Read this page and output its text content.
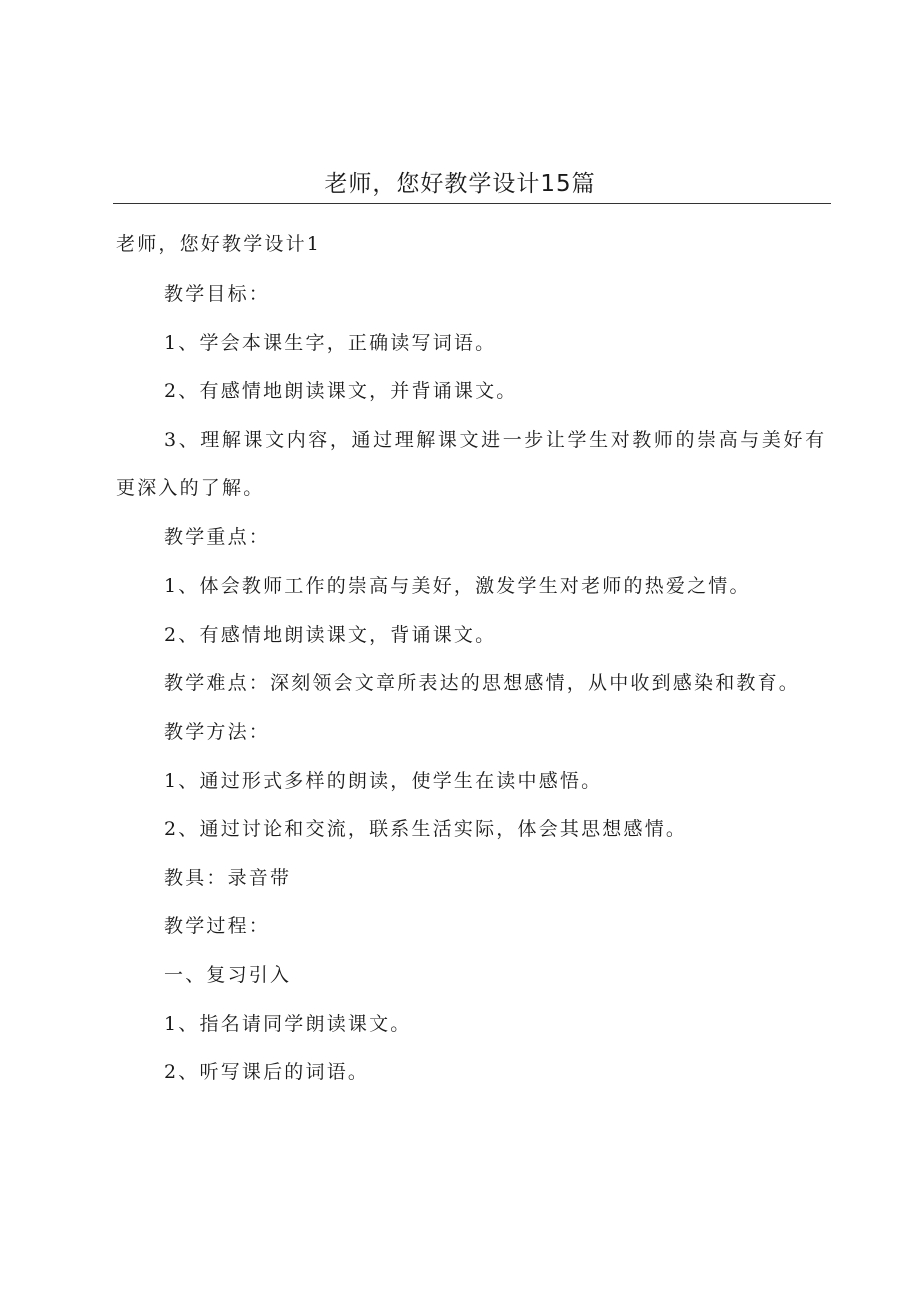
老师，您好教学设计15篇
老师，您好教学设计1
教学目标：
1、学会本课生字，正确读写词语。
2、有感情地朗读课文，并背诵课文。
3、理解课文内容，通过理解课文进一步让学生对教师的崇高与美好有
更深入的了解。
教学重点：
1、体会教师工作的崇高与美好，激发学生对老师的热爱之情。
2、有感情地朗读课文，背诵课文。
教学难点：深刻领会文章所表达的思想感情，从中收到感染和教育。
教学方法：
1、通过形式多样的朗读，使学生在读中感悟。
2、通过讨论和交流，联系生活实际，体会其思想感情。
教具：录音带
教学过程：
一、复习引入
1、指名请同学朗读课文。
2、听写课后的词语。
